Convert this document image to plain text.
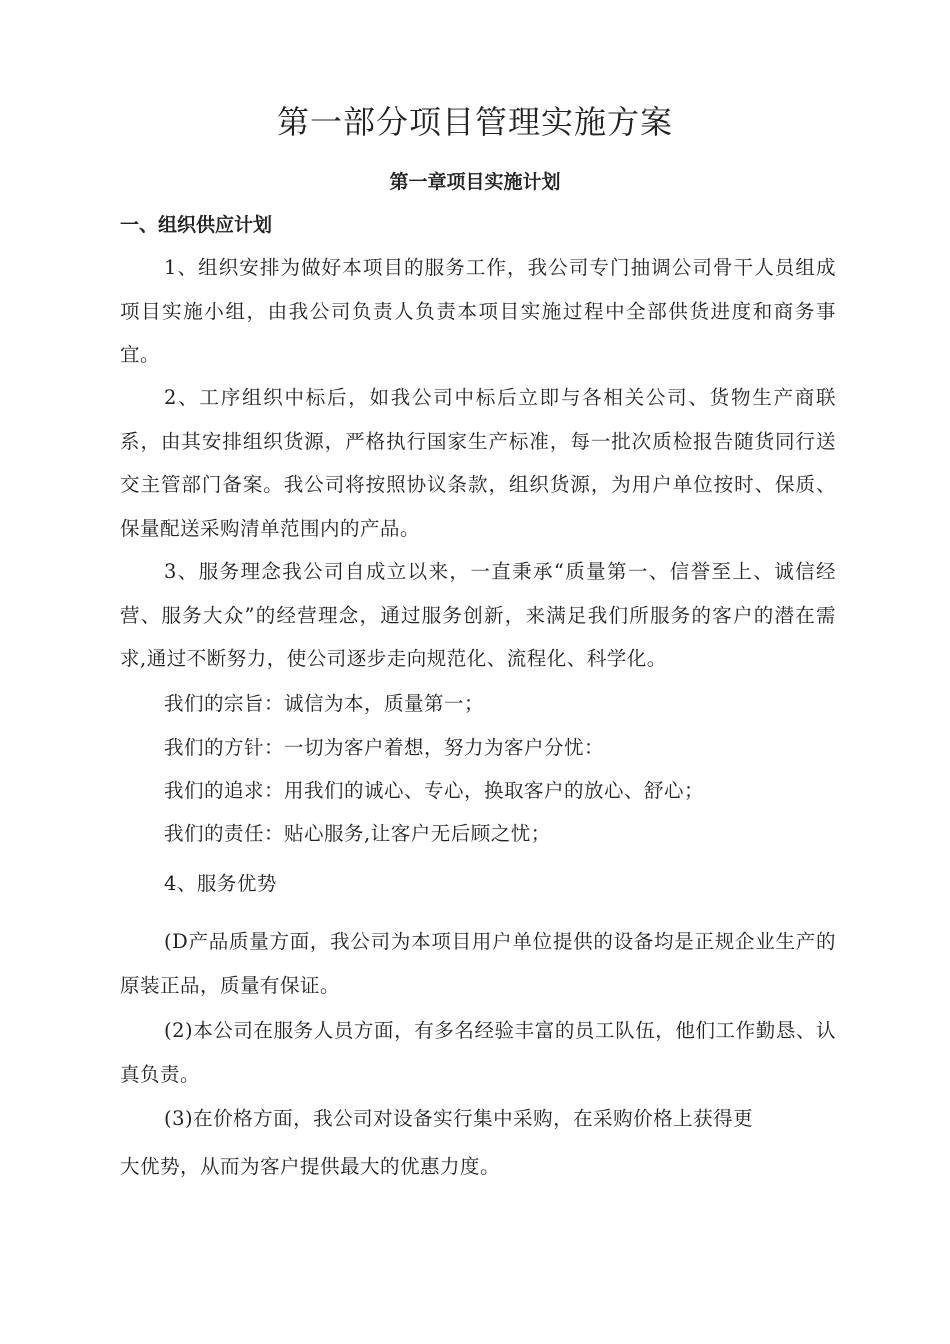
第一部分项目管理实施方案
第一章项目实施计划
一、组织供应计划

1、组织安排为做好本项目的服务工作，我公司专门抽调公司骨干人员组成项目实施小组，由我公司负责人负责本项目实施过程中全部供货进度和商务事宜。

2、工序组织中标后，如我公司中标后立即与各相关公司、货物生产商联系，由其安排组织货源，严格执行国家生产标准，每一批次质检报告随货同行送交主管部门备案。我公司将按照协议条款，组织货源，为用户单位按时、保质、保量配送采购清单范围内的产品。

3、服务理念我公司自成立以来，一直秉承“质量第一、信誉至上、诚信经营、服务大众”的经营理念，通过服务创新，来满足我们所服务的客户的潜在需求,通过不断努力，使公司逐步走向规范化、流程化、科学化。

我们的宗旨：诚信为本，质量第一；

我们的方针：一切为客户着想，努力为客户分忧：

我们的追求：用我们的诚心、专心，换取客户的放心、舒心；

我们的责任：贴心服务,让客户无后顾之忧；

4、服务优势

(D产品质量方面，我公司为本项目用户单位提供的设备均是正规企业生产的原装正品，质量有保证。

(2)本公司在服务人员方面，有多名经验丰富的员工队伍，他们工作勤恳、认真负责。

(3)在价格方面，我公司对设备实行集中采购，在采购价格上获得更

大优势，从而为客户提供最大的优惠力度。
